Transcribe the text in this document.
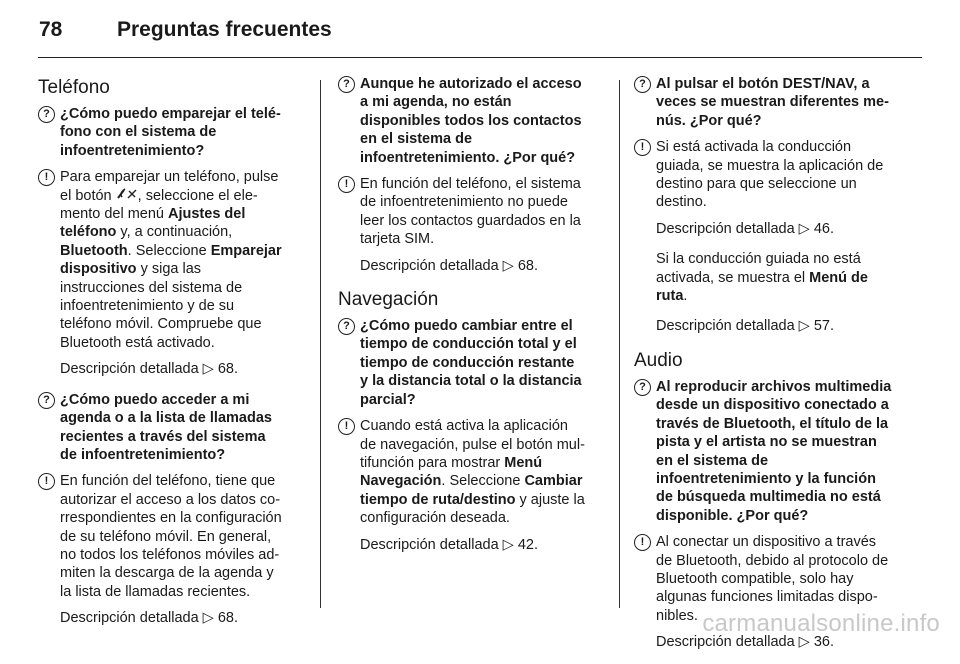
78	Preguntas frecuentes
Teléfono
? ¿Cómo puedo emparejar el teléfono con el sistema de infoentretenimiento?
! Para emparejar un teléfono, pulse el botón , seleccione el elemento del menú Ajustes del teléfono y, a continuación, Bluetooth. Seleccione Emparejar dispositivo y siga las instrucciones del sistema de infoentretenimiento y de su teléfono móvil. Compruebe que Bluetooth está activado.
Descripción detallada ▷ 68.
? ¿Cómo puedo acceder a mi agenda o a la lista de llamadas recientes a través del sistema de infoentretenimiento?
! En función del teléfono, tiene que autorizar el acceso a los datos correspondientes en la configuración de su teléfono móvil. En general, no todos los teléfonos móviles admiten la descarga de la agenda y la lista de llamadas recientes.
Descripción detallada ▷ 68.
? Aunque he autorizado el acceso a mi agenda, no están disponibles todos los contactos en el sistema de infoentretenimiento. ¿Por qué?
! En función del teléfono, el sistema de infoentretenimiento no puede leer los contactos guardados en la tarjeta SIM.
Descripción detallada ▷ 68.
Navegación
? ¿Cómo puedo cambiar entre el tiempo de conducción total y el tiempo de conducción restante y la distancia total o la distancia parcial?
! Cuando está activa la aplicación de navegación, pulse el botón multifunción para mostrar Menú Navegación. Seleccione Cambiar tiempo de ruta/destino y ajuste la configuración deseada.
Descripción detallada ▷ 42.
? Al pulsar el botón DEST/NAV, a veces se muestran diferentes menús. ¿Por qué?
! Si está activada la conducción guiada, se muestra la aplicación de destino para que seleccione un destino.
Descripción detallada ▷ 46.
Si la conducción guiada no está activada, se muestra el Menú de ruta.
Descripción detallada ▷ 57.
Audio
? Al reproducir archivos multimedia desde un dispositivo conectado a través de Bluetooth, el título de la pista y el artista no se muestran en el sistema de infoentretenimiento y la función de búsqueda multimedia no está disponible. ¿Por qué?
! Al conectar un dispositivo a través de Bluetooth, debido al protocolo de Bluetooth compatible, solo hay algunas funciones limitadas disponibles.
Descripción detallada ▷ 36.
carmanualsonline.info
